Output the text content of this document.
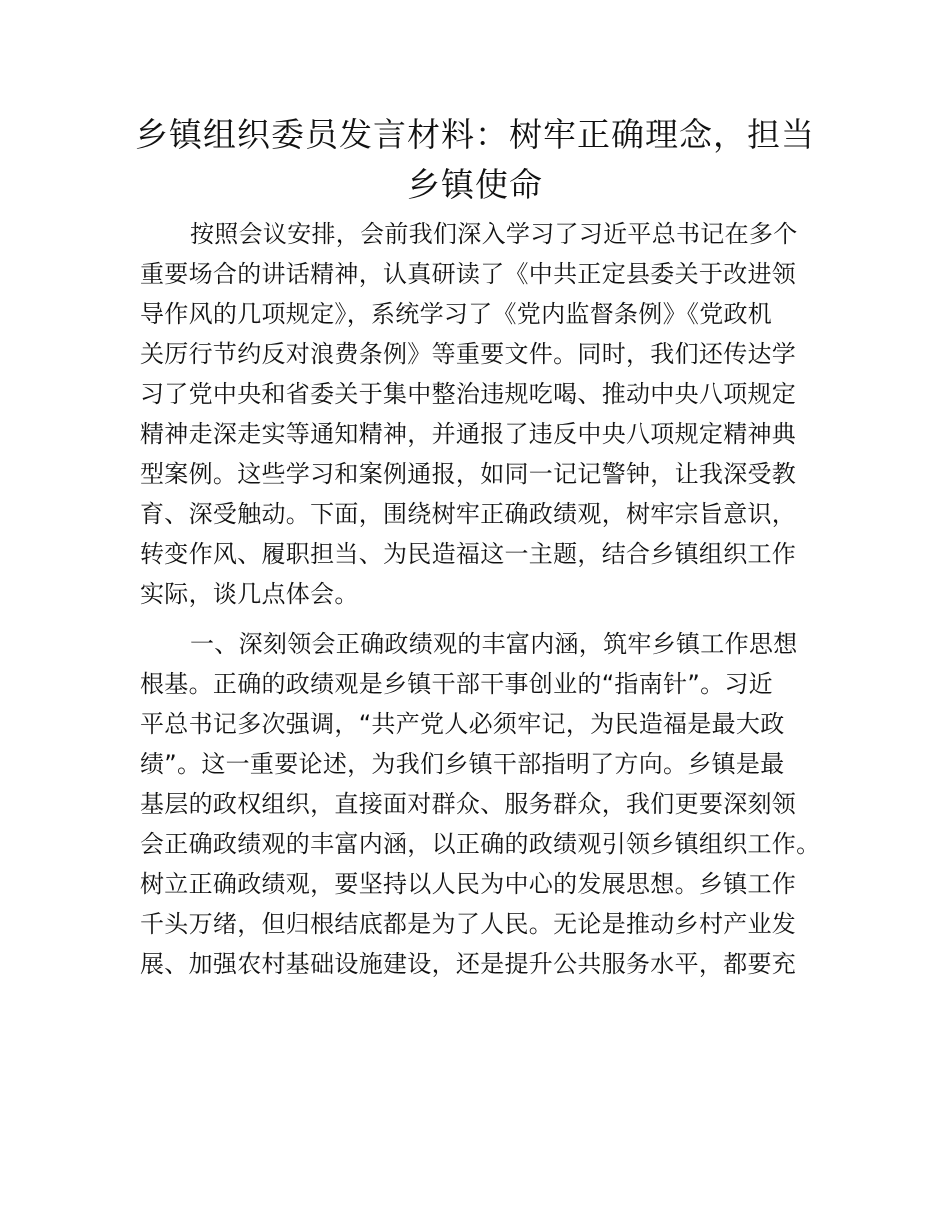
乡镇组织委员发言材料：树牢正确理念，担当
乡镇使命
按照会议安排，会前我们深入学习了习近平总书记在多个
重要场合的讲话精神，认真研读了《中共正定县委关于改进领
导作风的几项规定》，系统学习了《党内监督条例》《党政机
关厉行节约反对浪费条例》等重要文件。同时，我们还传达学
习了党中央和省委关于集中整治违规吃喝、推动中央八项规定
精神走深走实等通知精神，并通报了违反中央八项规定精神典
型案例。这些学习和案例通报，如同一记记警钟，让我深受教
育、深受触动。下面，围绕树牢正确政绩观，树牢宗旨意识，
转变作风、履职担当、为民造福这一主题，结合乡镇组织工作
实际，谈几点体会。
一、深刻领会正确政绩观的丰富内涵，筑牢乡镇工作思想
根基。正确的政绩观是乡镇干部干事创业的“指南针”。习近
平总书记多次强调，“共产党人必须牢记，为民造福是最大政
绩”。这一重要论述，为我们乡镇干部指明了方向。乡镇是最
基层的政权组织，直接面对群众、服务群众，我们更要深刻领
会正确政绩观的丰富内涵，以正确的政绩观引领乡镇组织工作。
树立正确政绩观，要坚持以人民为中心的发展思想。乡镇工作
千头万绪，但归根结底都是为了人民。无论是推动乡村产业发
展、加强农村基础设施建设，还是提升公共服务水平，都要充
